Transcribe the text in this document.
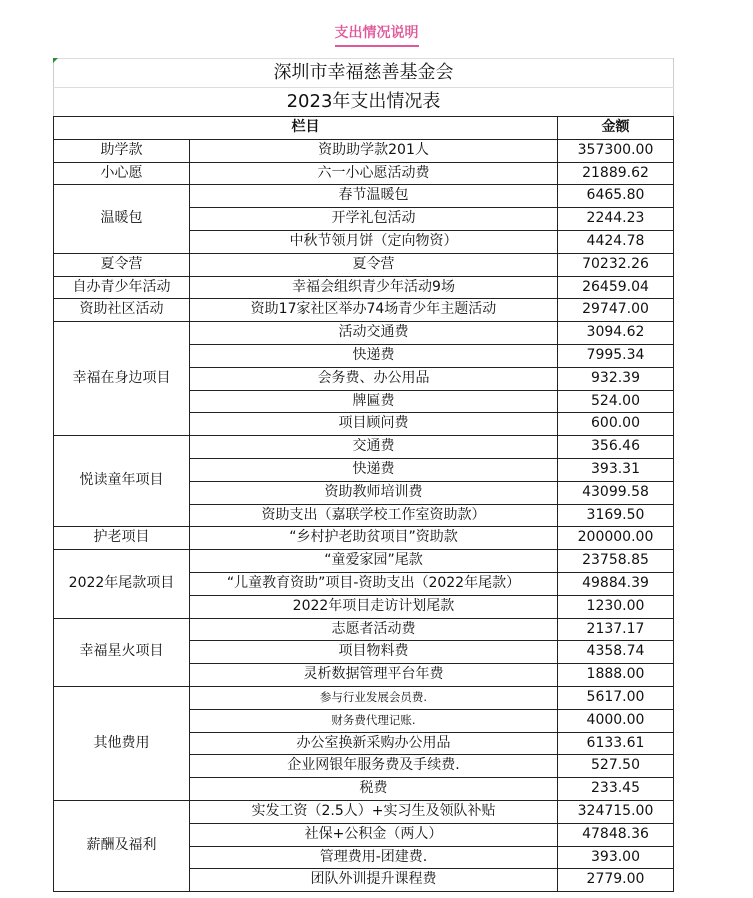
支出情况说明
深圳市幸福慈善基金会		
2023年支出情况表		
栏目		金额
助学款	资助助学款201人	357300.00
小心愿	六一小心愿活动费	21889.62
温暖包	春节温暖包	6465.80
	开学礼包活动	2244.23
	中秋节领月饼（定向物资）	4424.78
夏令营	夏令营	70232.26
自办青少年活动	幸福会组织青少年活动9场	26459.04
资助社区活动	资助17家社区举办74场青少年主题活动	29747.00
幸福在身边项目	活动交通费	3094.62
	快递费	7995.34
	会务费、办公用品	932.39
	牌匾费	524.00
	项目顾问费	600.00
悦读童年项目	交通费	356.46
	快递费	393.31
	资助教师培训费	43099.58
	资助支出（嘉联学校工作室资助款）	3169.50
护老项目	“乡村护老助贫项目”资助款	200000.00
2022年尾款项目	“童爱家园”尾款	23758.85
	“儿童教育资助”项目-资助支出（2022年尾款）	49884.39
	2022年项目走访计划尾款	1230.00
幸福星火项目	志愿者活动费	2137.17
	项目物料费	4358.74
	灵析数据管理平台年费	1888.00
其他费用	参与行业发展会员费.	5617.00
	财务费代理记账.	4000.00
	办公室换新采购办公用品	6133.61
	企业网银年服务费及手续费.	527.50
	税费	233.45
薪酬及福利	实发工资（2.5人）+实习生及领队补贴	324715.00
	社保+公积金（两人）	47848.36
	管理费用-团建费.	393.00
	团队外训提升课程费	2779.00
